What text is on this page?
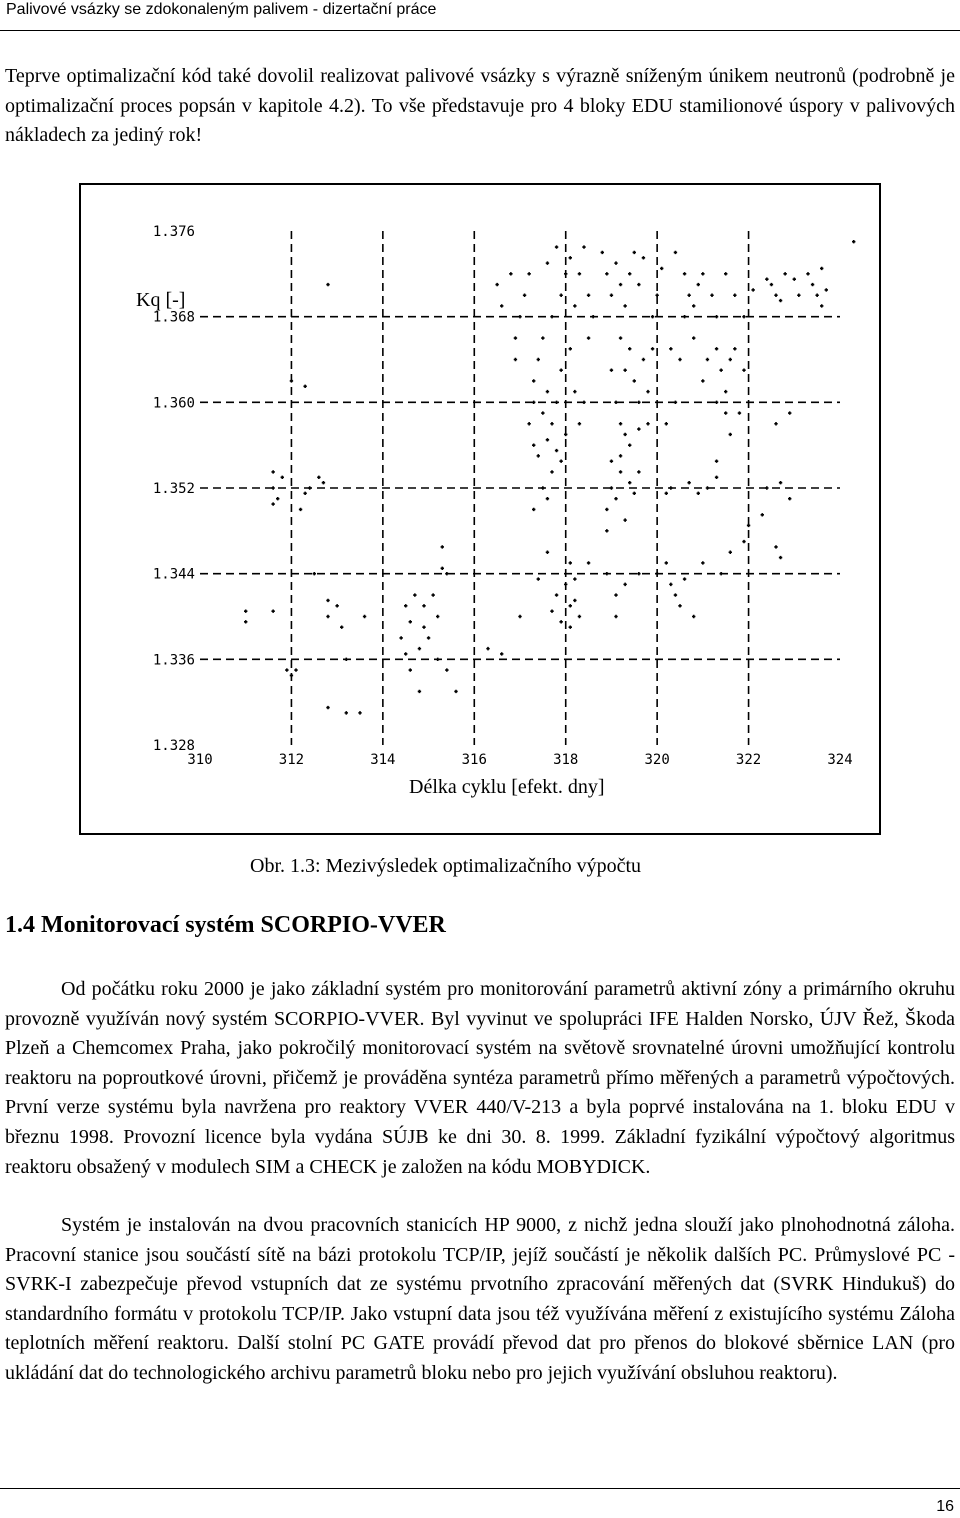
Palivové vsázky se zdokonaleným palivem - dizertační práce

Teprve optimalizační kód také dovolil realizovat palivové vsázky s výrazně sníženým únikem neutronů (podrobně je optimalizační proces popsán v kapitole 4.2). To vše představuje pro 4 bloky EDU stamilionové úspory v palivových nákladech za jediný rok!

310	312	314	316	318	320	322	324
1.376
1.368
1.360
1.352
1.344
1.336
1.328
Kq [-]
Délka cyklu [efekt. dny]
Obr. 1.3: Mezivýsledek optimalizačního výpočtu
1.4 Monitorovací systém SCORPIO-VVER

Od počátku roku 2000 je jako základní systém pro monitorování parametrů aktivní zóny a primárního okruhu provozně využíván nový systém SCORPIO-VVER. Byl vyvinut ve spolupráci IFE Halden Norsko, ÚJV Řež, Škoda Plzeň a Chemcomex Praha, jako pokročilý monitorovací systém na světově srovnatelné úrovni umožňující kontrolu reaktoru na poproutkové úrovni, přičemž je prováděna syntéza parametrů přímo měřených a parametrů výpočtových. První verze systému byla navržena pro reaktory VVER 440/V-213 a byla poprvé instalována na 1. bloku EDU v březnu 1998. Provozní licence byla vydána SÚJB ke dni 30. 8. 1999. Základní fyzikální výpočtový algoritmus reaktoru obsažený v modulech SIM a CHECK je založen na kódu MOBYDICK.

Systém je instalován na dvou pracovních stanicích HP 9000, z nichž jedna slouží jako plnohodnotná záloha. Pracovní stanice jsou součástí sítě na bázi protokolu TCP/IP, jejíž součástí je několik dalších PC. Průmyslové PC - SVRK-I zabezpečuje převod vstupních dat ze systému prvotního zpracování měřených dat (SVRK Hindukuš) do standardního formátu v protokolu TCP/IP. Jako vstupní data jsou též využívána měření z existujícího systému Záloha teplotních měření reaktoru. Další stolní PC GATE provádí převod dat pro přenos do blokové sběrnice LAN (pro ukládání dat do technologického archivu parametrů bloku nebo pro jejich využívání obsluhou reaktoru).

16
